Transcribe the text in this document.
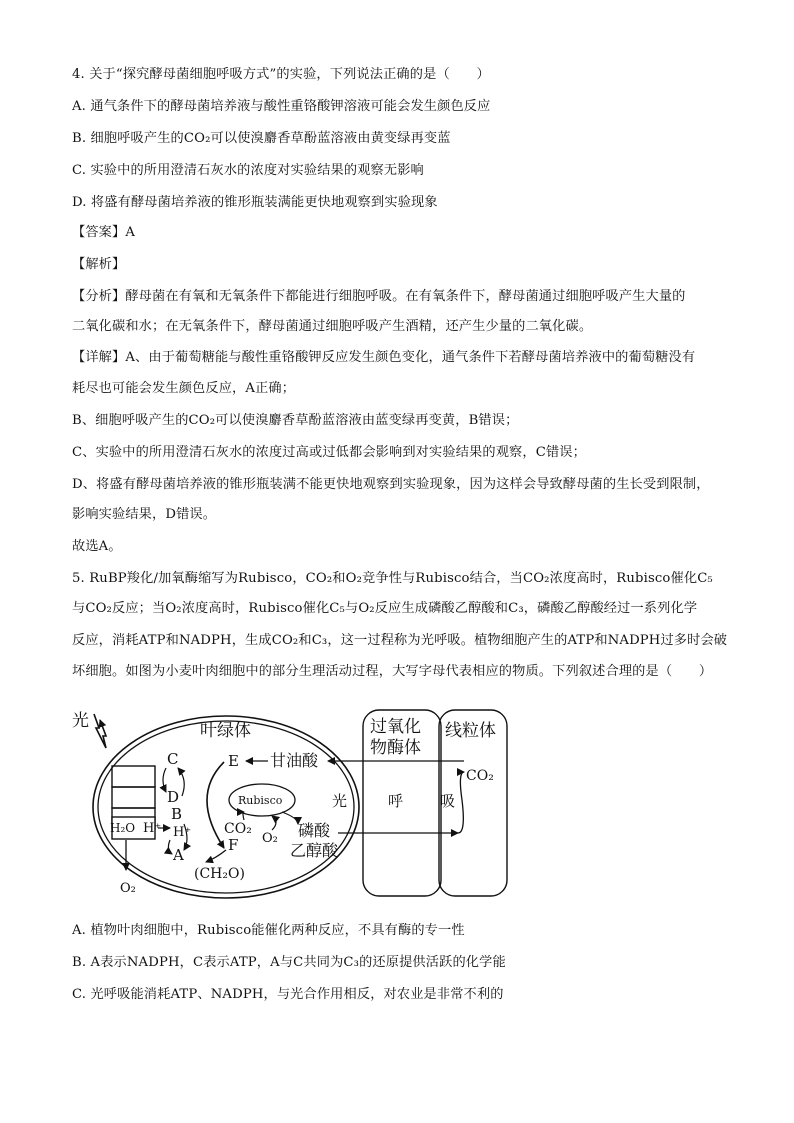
4. 关于“探究酵母菌细胞呼吸方式”的实验，下列说法正确的是（　　）
A. 通气条件下的酵母菌培养液与酸性重铬酸钾溶液可能会发生颜色反应
B. 细胞呼吸产生的CO₂可以使溴麝香草酚蓝溶液由黄变绿再变蓝
C. 实验中的所用澄清石灰水的浓度对实验结果的观察无影响
D. 将盛有酵母菌培养液的锥形瓶装满能更快地观察到实验现象
【答案】A
【解析】
【分析】酵母菌在有氧和无氧条件下都能进行细胞呼吸。在有氧条件下，酵母菌通过细胞呼吸产生大量的
二氧化碳和水；在无氧条件下，酵母菌通过细胞呼吸产生酒精，还产生少量的二氧化碳。
【详解】A、由于葡萄糖能与酸性重铬酸钾反应发生颜色变化，通气条件下若酵母菌培养液中的葡萄糖没有
耗尽也可能会发生颜色反应，A正确；
B、细胞呼吸产生的CO₂可以使溴麝香草酚蓝溶液由蓝变绿再变黄，B错误；
C、实验中的所用澄清石灰水的浓度过高或过低都会影响到对实验结果的观察，C错误；
D、将盛有酵母菌培养液的锥形瓶装满不能更快地观察到实验现象，因为这样会导致酵母菌的生长受到限制，
影响实验结果，D错误。
故选A。
5. RuBP羧化/加氧酶缩写为Rubisco，CO₂和O₂竞争性与Rubisco结合，当CO₂浓度高时，Rubisco催化C₅
与CO₂反应；当O₂浓度高时，Rubisco催化C₅与O₂反应生成磷酸乙醇酸和C₃，磷酸乙醇酸经过一系列化学
反应，消耗ATP和NADPH，生成CO₂和C₃，这一过程称为光呼吸。植物细胞产生的ATP和NADPH过多时会破
坏细胞。如图为小麦叶肉细胞中的部分生理活动过程，大写字母代表相应的物质。下列叙述合理的是（　　）
光	叶绿体
H₂O H⁺
O₂
C
D
B
H⁺
A
E
F
(CH₂O)
Rubisco	光
CO₂
O₂
甘油酸
磷酸
乙醇酸
过氧化
物酶体
呼
线粒体
吸
CO₂
A. 植物叶肉细胞中，Rubisco能催化两种反应，不具有酶的专一性
B. A表示NADPH，C表示ATP，A与C共同为C₃的还原提供活跃的化学能
C. 光呼吸能消耗ATP、NADPH，与光合作用相反，对农业是非常不利的
